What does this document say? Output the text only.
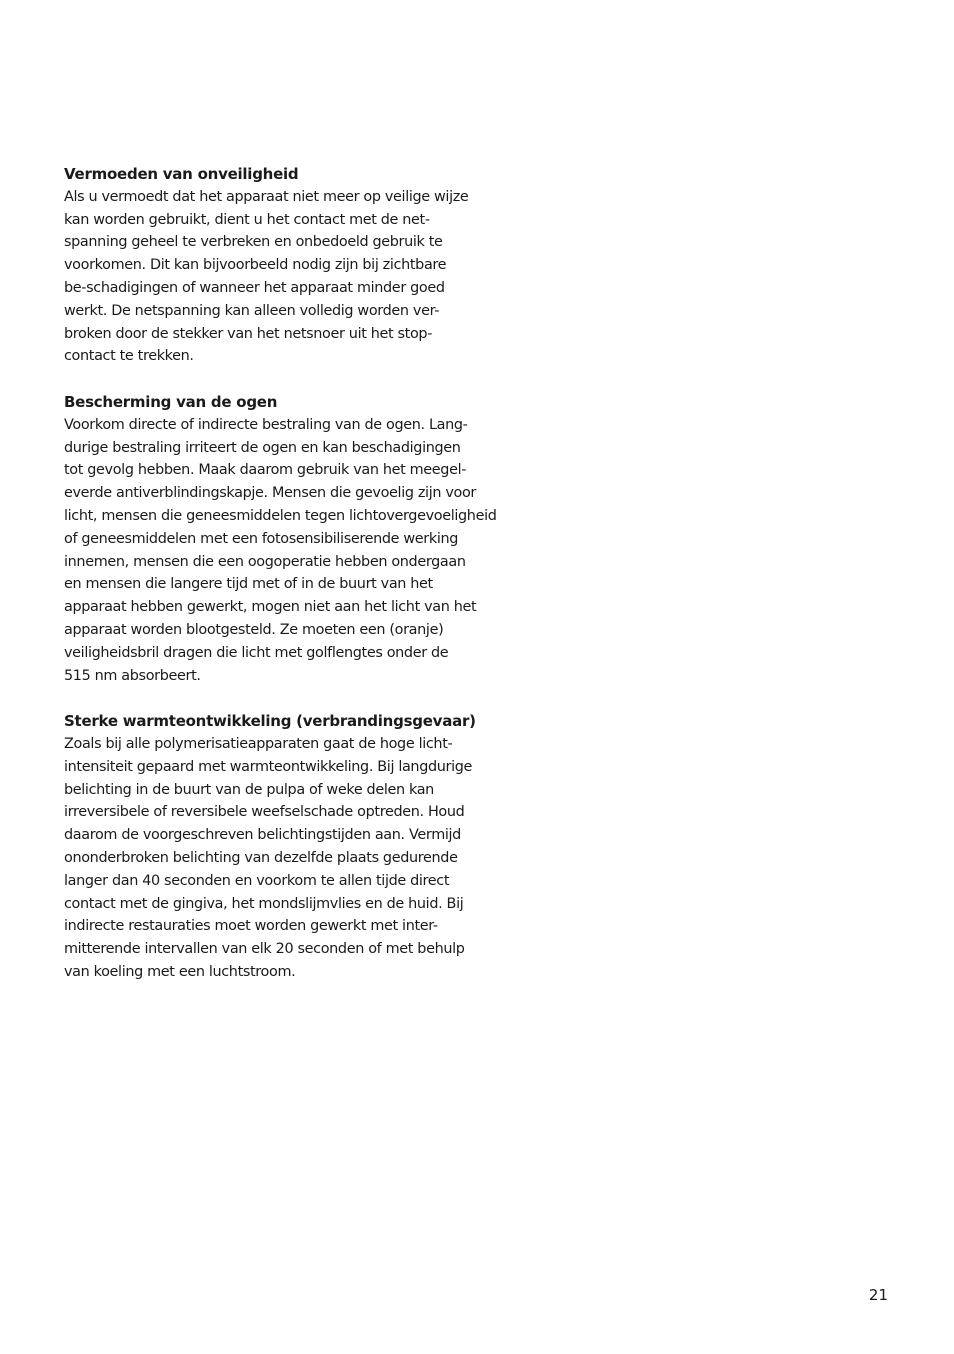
Vermoeden van onveiligheid

Als u vermoedt dat het apparaat niet meer op veilige wijze
kan worden gebruikt, dient u het contact met de net-
spanning geheel te verbreken en onbedoeld gebruik te
voorkomen. Dit kan bijvoorbeeld nodig zijn bij zichtbare
be-schadigingen of wanneer het apparaat minder goed
werkt. De netspanning kan alleen volledig worden ver-
broken door de stekker van het netsnoer uit het stop-
contact te trekken.

Bescherming van de ogen

Voorkom directe of indirecte bestraling van de ogen. Lang-
durige bestraling irriteert de ogen en kan beschadigingen
tot gevolg hebben. Maak daarom gebruik van het meegel-
everde antiverblindingskapje. Mensen die gevoelig zijn voor
licht, mensen die geneesmiddelen tegen lichtovergevoeligheid
of geneesmiddelen met een fotosensibiliserende werking
innemen, mensen die een oogoperatie hebben ondergaan
en mensen die langere tijd met of in de buurt van het
apparaat hebben gewerkt, mogen niet aan het licht van het
apparaat worden blootgesteld. Ze moeten een (oranje)
veiligheidsbril dragen die licht met golflengtes onder de
515 nm absorbeert.

Sterke warmteontwikkeling (verbrandingsgevaar)

Zoals bij alle polymerisatieapparaten gaat de hoge licht-
intensiteit gepaard met warmteontwikkeling. Bij langdurige
belichting in de buurt van de pulpa of weke delen kan
irreversibele of reversibele weefselschade optreden. Houd
daarom de voorgeschreven belichtingstijden aan. Vermijd
ononderbroken belichting van dezelfde plaats gedurende
langer dan 40 seconden en voorkom te allen tijde direct
contact met de gingiva, het mondslijmvlies en de huid. Bij
indirecte restauraties moet worden gewerkt met inter-
mitterende intervallen van elk 20 seconden of met behulp
van koeling met een luchtstroom.
21
